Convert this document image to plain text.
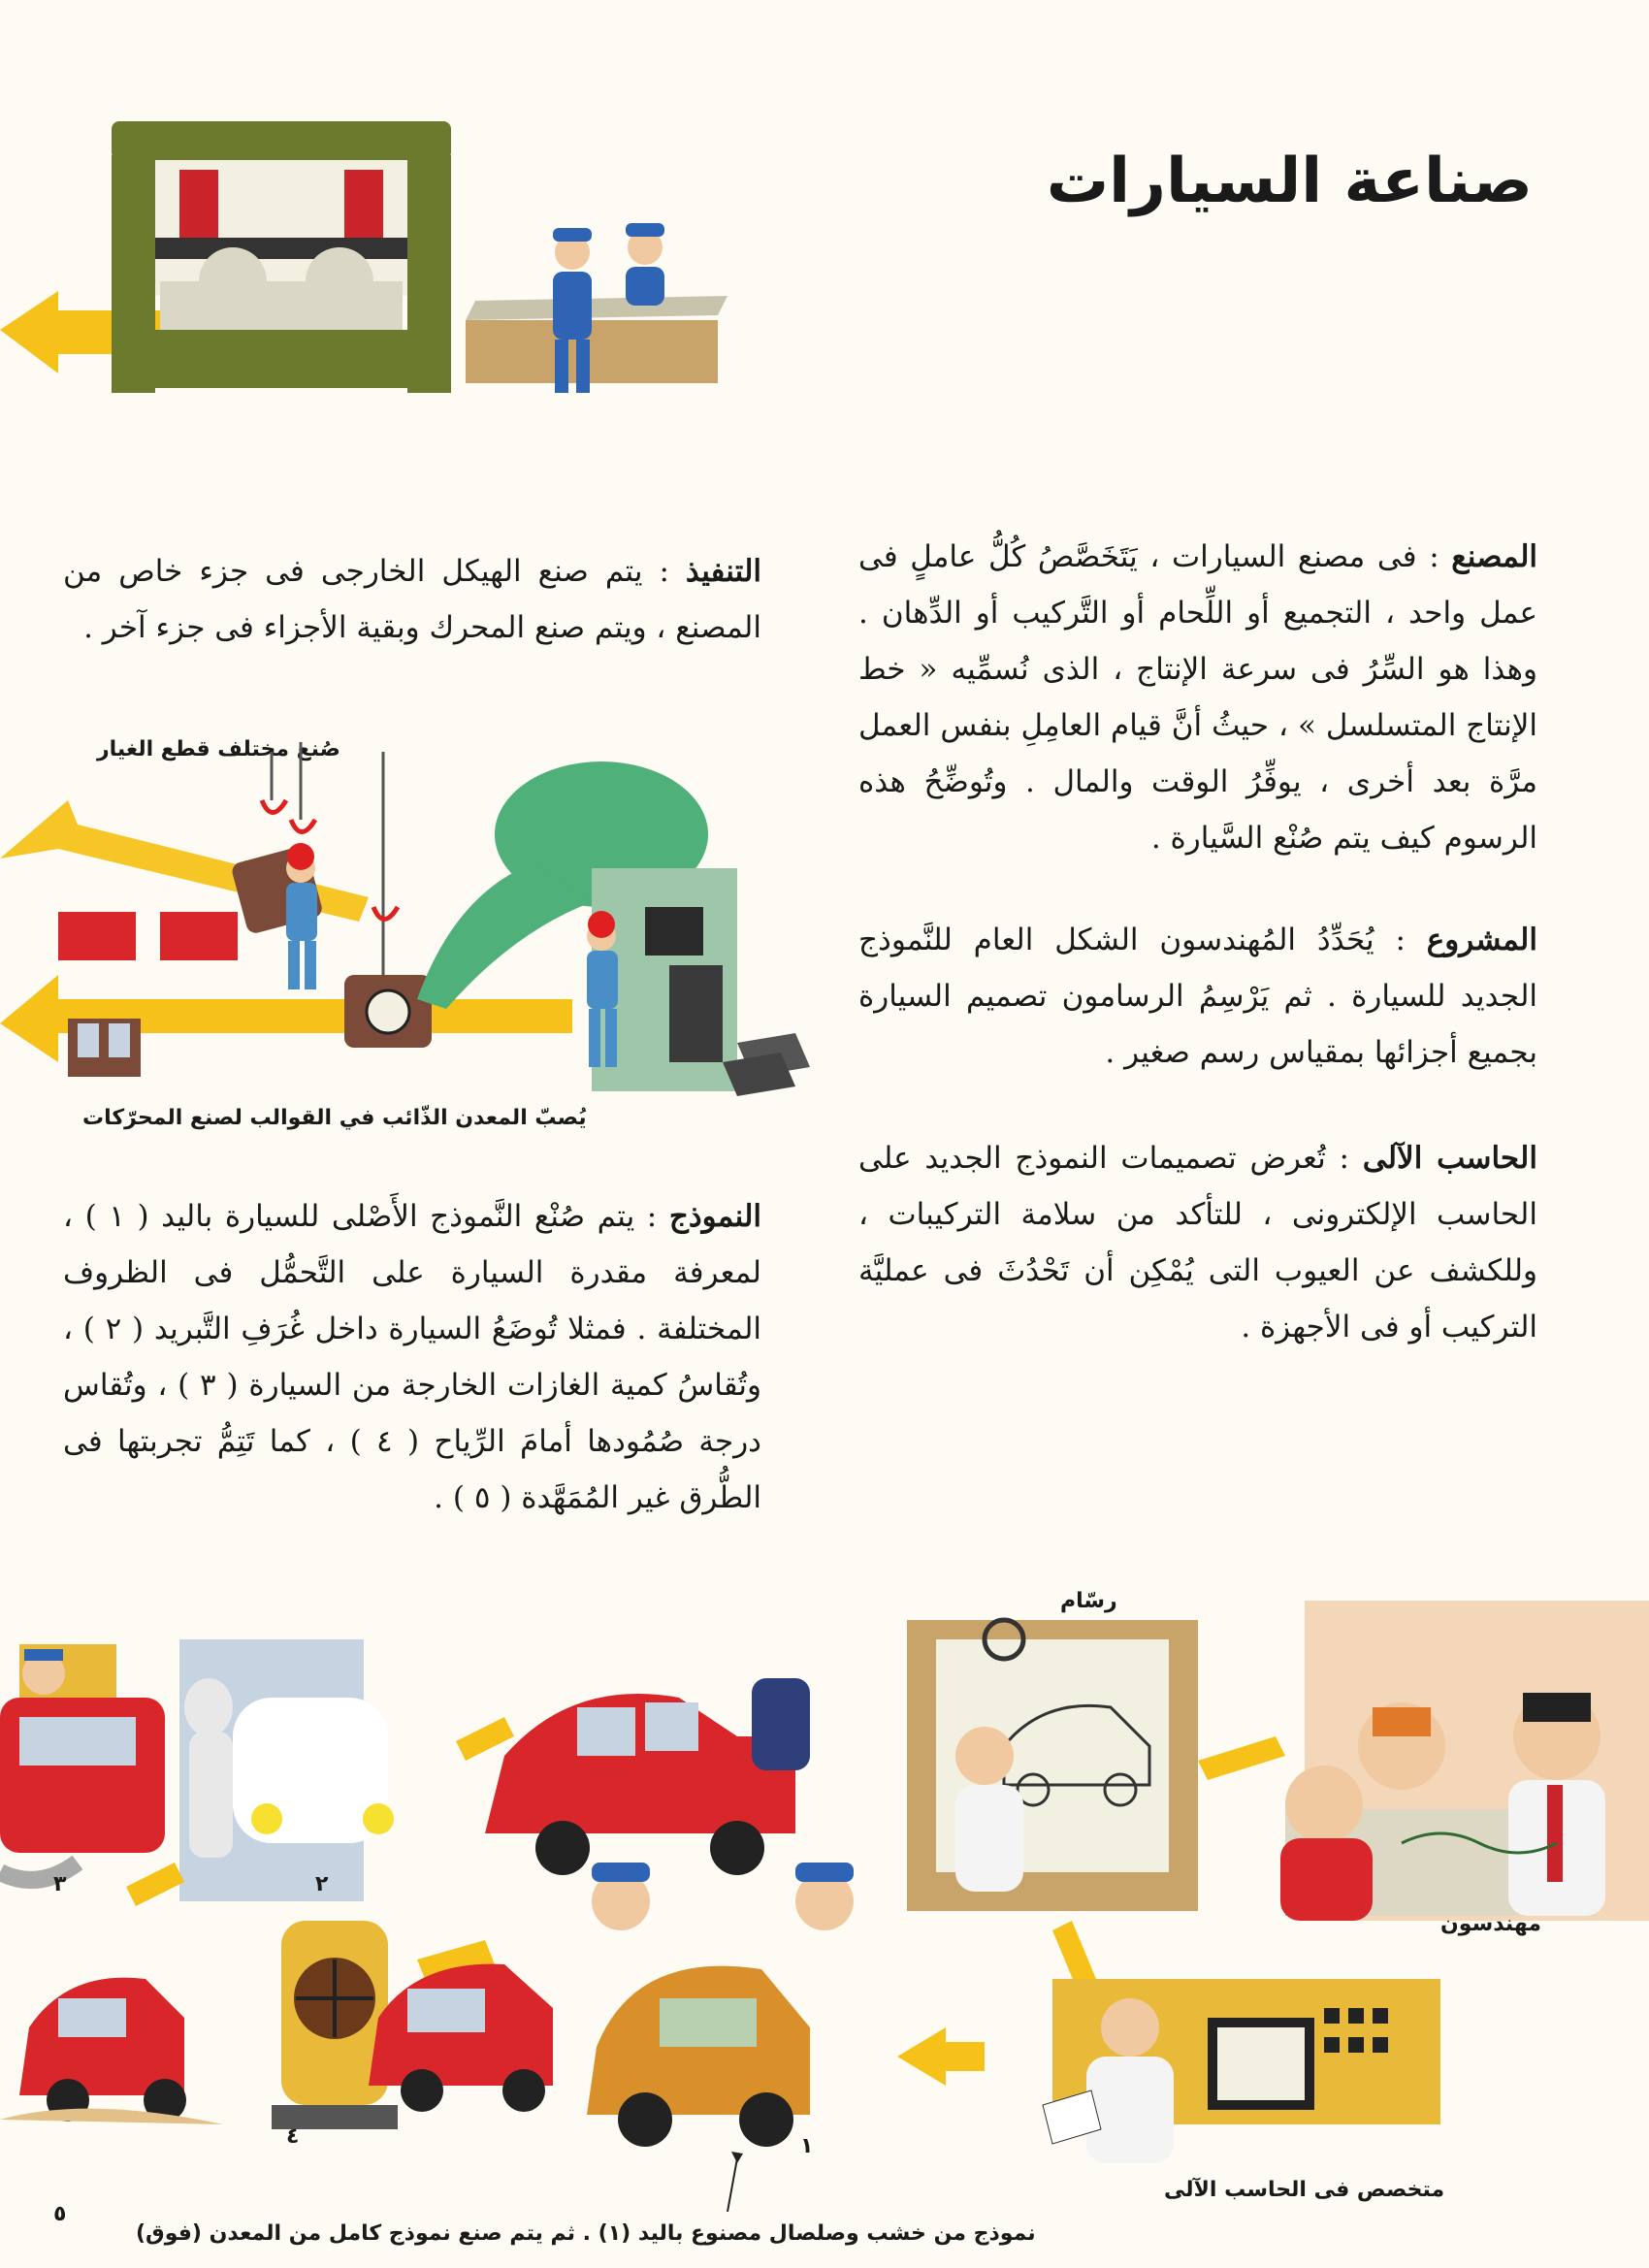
صناعة السيارات
المصنع : فى مصنع السيارات ، يَتَخَصَّصُ كُلُّ عاملٍ فى عمل واحد ، التجميع أو اللِّحام أو التَّركيب أو الدِّهان . وهذا هو السِّرُ فى سرعة الإنتاج ، الذى نُسمِّيه « خط الإنتاج المتسلسل » ، حيثُ أنَّ قيام العامِلِ بنفس العمل مرَّة بعد أخرى ، يوفِّرُ الوقت والمال . وتُوضِّحُ هذه الرسوم كيف يتم صُنْع السَّيارة .
المشروع : يُحَدِّدُ المُهندسون الشكل العام للنَّموذج الجديد للسيارة . ثم يَرْسِمُ الرسامون تصميم السيارة بجميع أجزائها بمقياس رسم صغير .
الحاسب الآلى : تُعرض تصميمات النموذج الجديد على الحاسب الإلكترونى ، للتأكد من سلامة التركيبات ، وللكشف عن العيوب التى يُمْكِن أن تَحْدُثَ فى عمليَّة التركيب أو فى الأجهزة .
التنفيذ : يتم صنع الهيكل الخارجى فى جزء خاص من المصنع ، ويتم صنع المحرك وبقية الأجزاء فى جزء آخر .
النموذج : يتم صُنْع النَّموذج الأَصْلى للسيارة باليد ( ١ ) ، لمعرفة مقدرة السيارة على التَّحمُّل فى الظروف المختلفة . فمثلا تُوضَعُ السيارة داخل غُرَفِ التَّبريد ( ٢ ) ، وتُقاسُ كمية الغازات الخارجة من السيارة ( ٣ ) ، وتُقاس درجة صُمُودها أمامَ الرِّياح ( ٤ ) ، كما تَتِمُّ تجربتها فى الطُّرق غير المُمَهَّدة ( ٥ ) .
صُنع مختلف قطع الغيار
يُصبّ المعدن الذّائب في القوالب لصنع المحرّكات
رسّام
مهندسون
متخصص فى الحاسب الآلى
٣	٢
٤
٥
١
نموذج من خشب وصلصال مصنوع باليد (١) . ثم يتم صنع نموذج كامل من المعدن (فوق)
